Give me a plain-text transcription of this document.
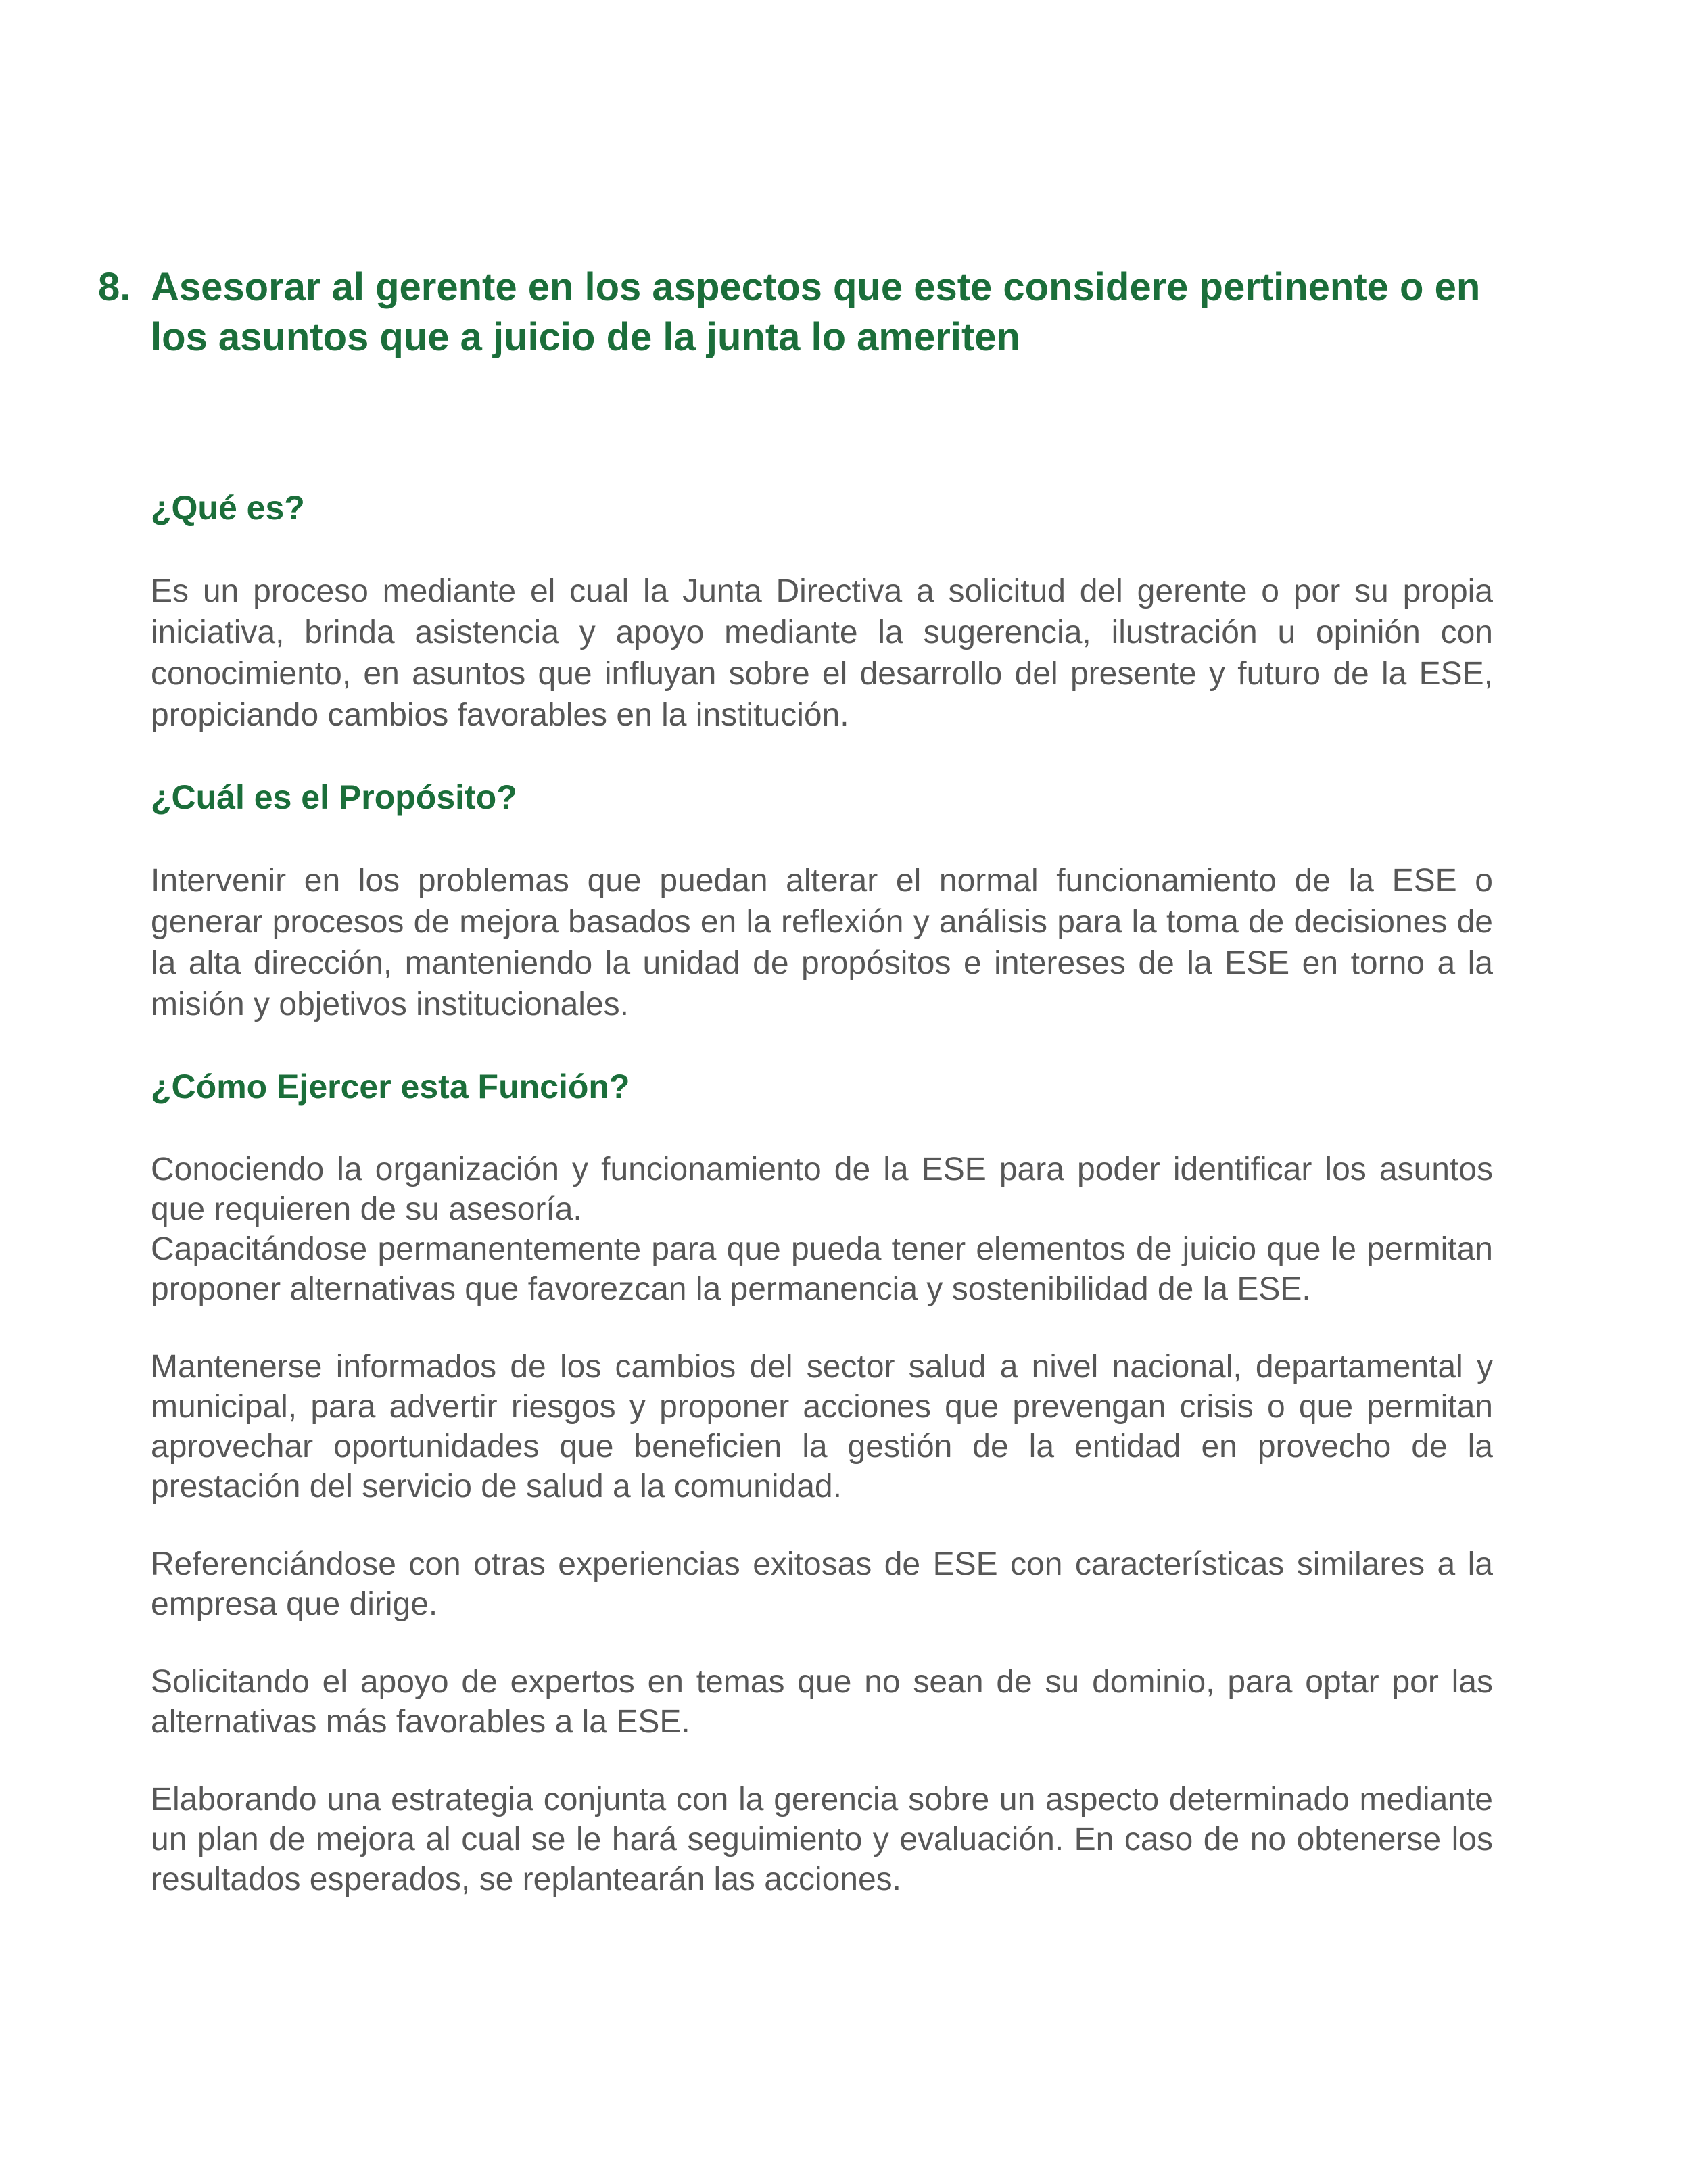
8. Asesorar al gerente en los aspectos que este considere pertinente o en los asuntos que a juicio de la junta lo ameriten
¿Qué es?

Es un proceso mediante el cual la Junta Directiva a solicitud del gerente o por su propia iniciativa, brinda asistencia y apoyo mediante la sugerencia, ilustración u opinión con conocimiento, en asuntos que influyan sobre el desarrollo del presente y futuro de la ESE, propiciando cambios favorables en la institución.

¿Cuál es el Propósito?

Intervenir en los problemas que puedan alterar el normal funcionamiento de la ESE o generar procesos de mejora basados en la reflexión y análisis para la toma de decisiones de la alta dirección, manteniendo la unidad de propósitos e intereses de la ESE en torno a la misión y objetivos institucionales.

¿Cómo Ejercer esta Función?

Conociendo la organización y funcionamiento de la ESE para poder identificar los asuntos que requieren de su asesoría.

Capacitándose permanentemente para que pueda tener elementos de juicio que le permitan proponer alternativas que favorezcan la permanencia y sostenibilidad de la ESE.

Mantenerse informados de los cambios del sector salud a nivel nacional, departamental y municipal, para advertir riesgos y proponer acciones que prevengan crisis o que permitan aprovechar oportunidades que beneficien la gestión de la entidad en provecho de la prestación del servicio de salud a la comunidad.

Referenciándose con otras experiencias exitosas de ESE con características similares a la empresa que dirige.

Solicitando el apoyo de expertos en temas que no sean de su dominio, para optar por las alternativas más favorables a la ESE.

Elaborando una estrategia conjunta con la gerencia sobre un aspecto determinado mediante un plan de mejora al cual se le hará seguimiento y evaluación. En caso de no obtenerse los resultados esperados, se replantearán las acciones.
